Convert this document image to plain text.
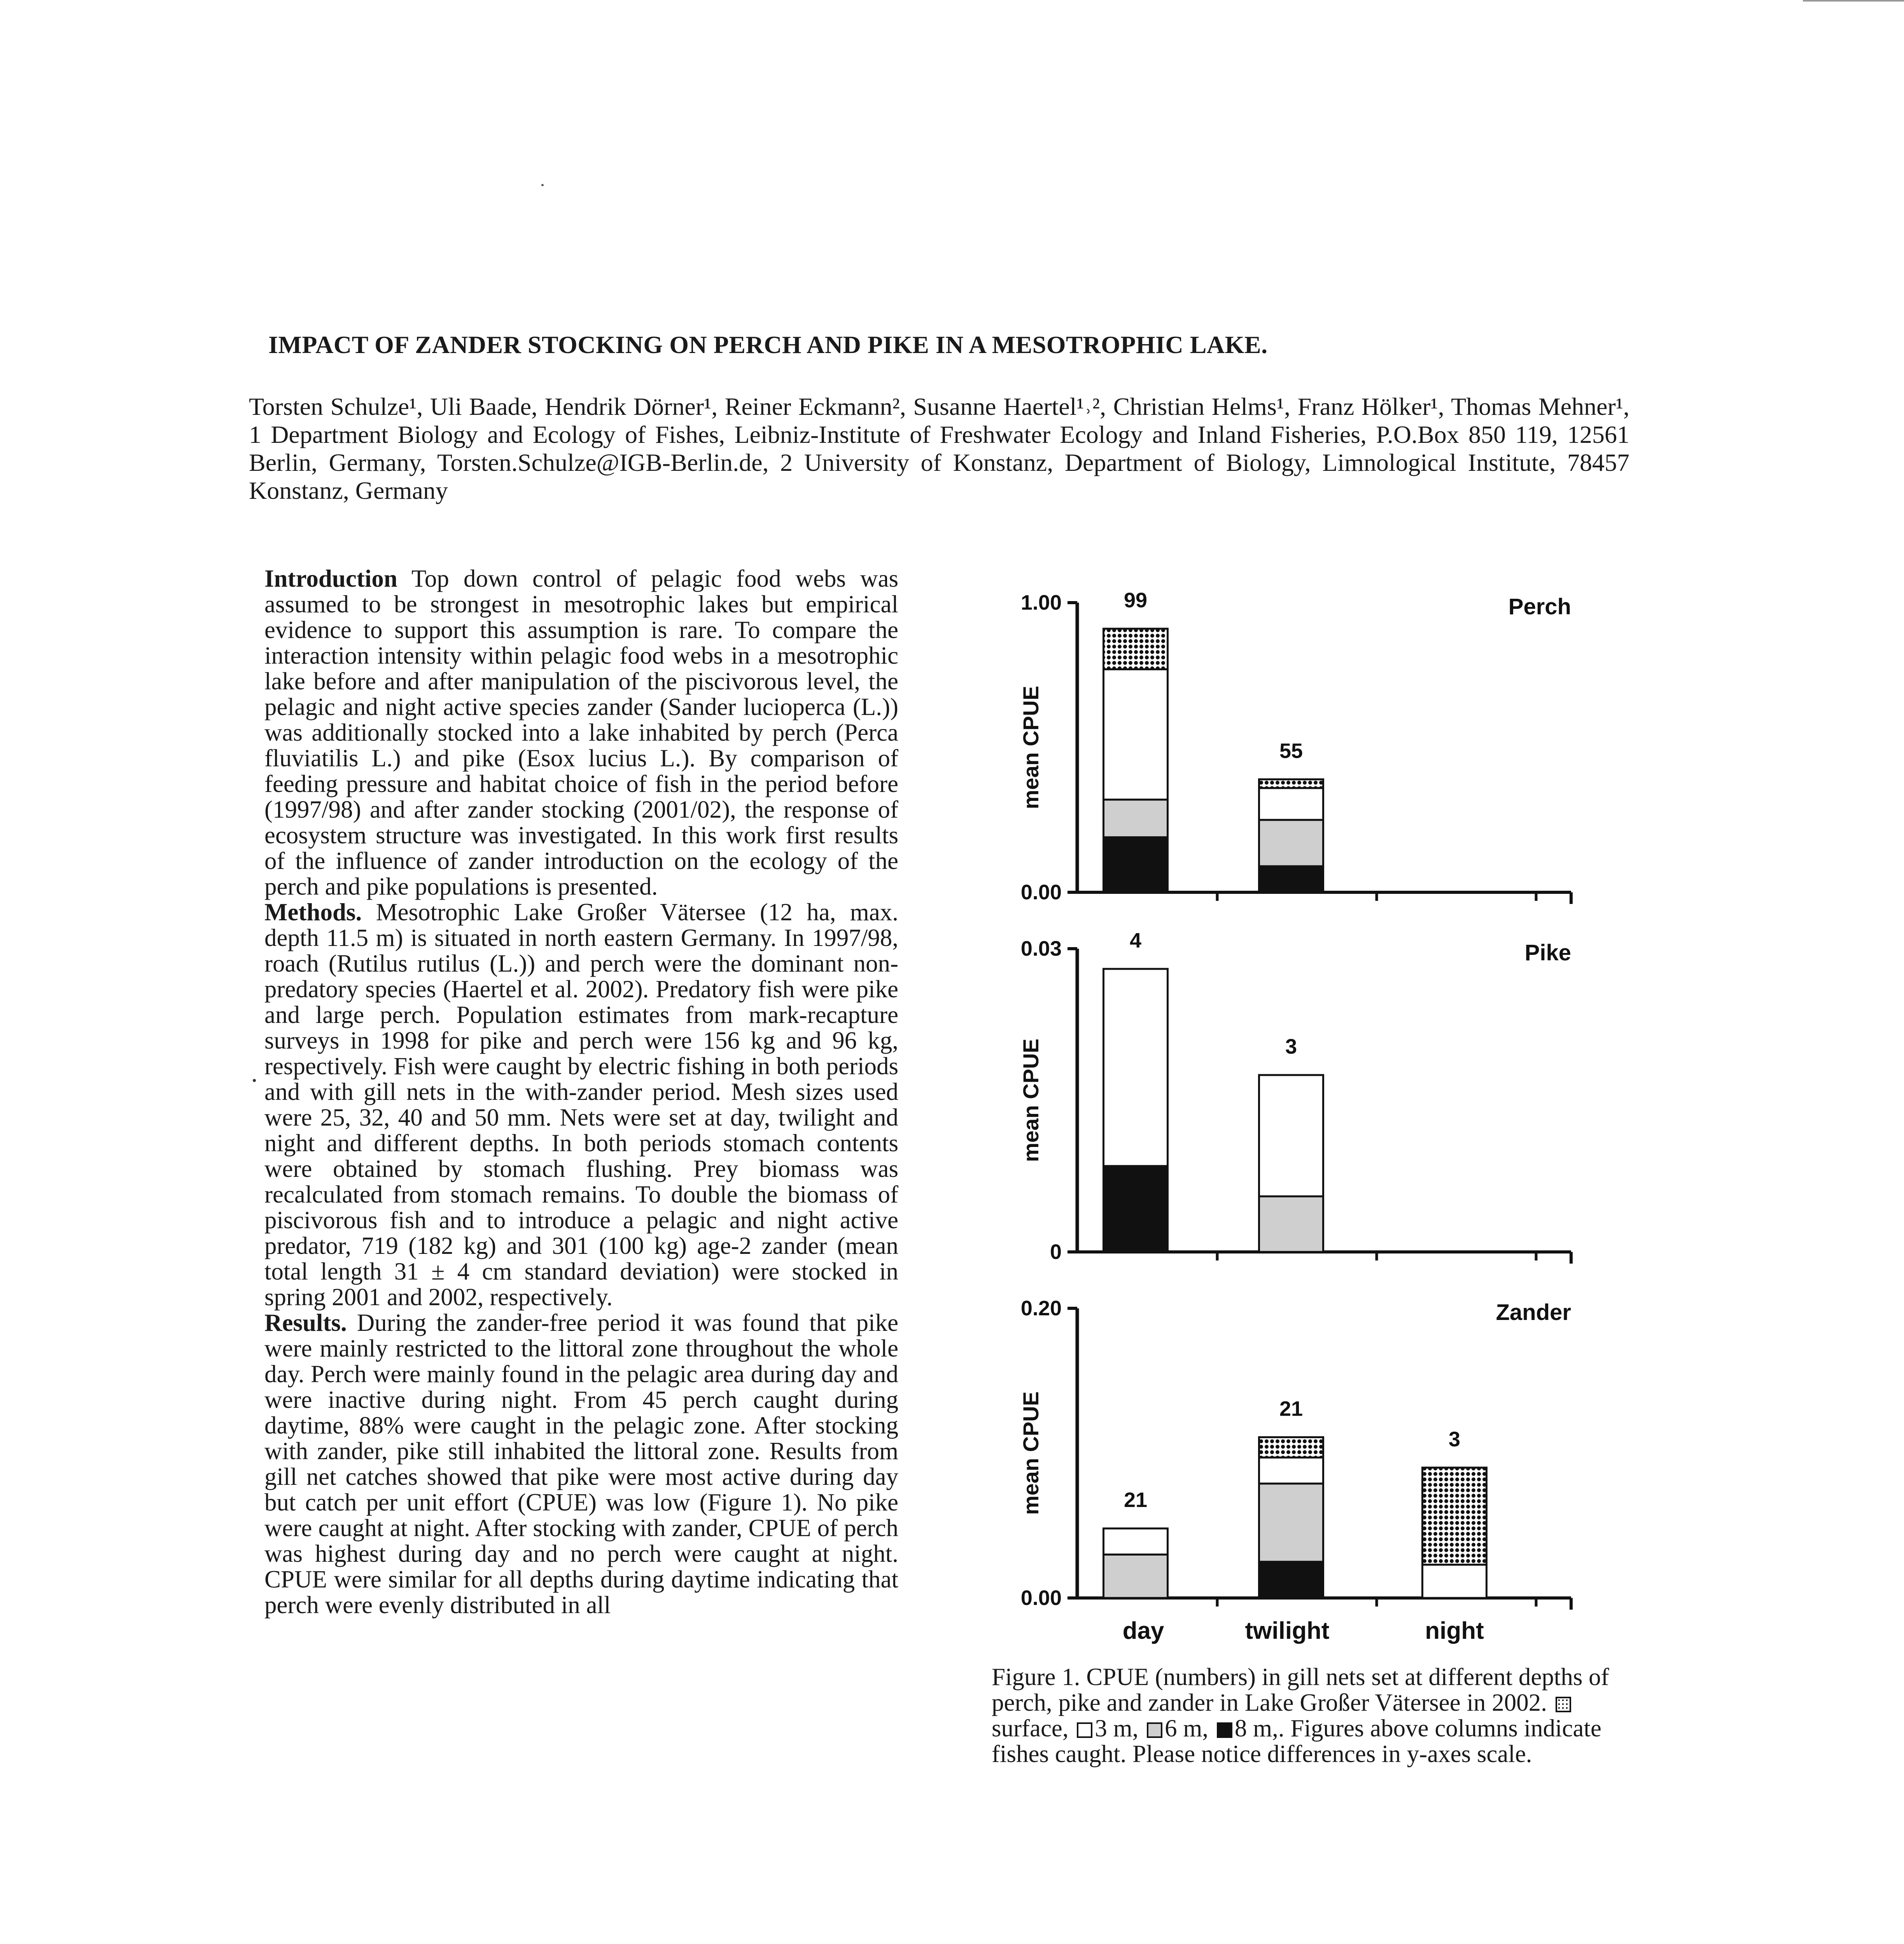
IMPACT OF ZANDER STOCKING ON PERCH AND PIKE IN A MESOTROPHIC LAKE.
Torsten Schulze¹, Uli Baade, Hendrik Dörner¹, Reiner Eckmann², Susanne Haertel¹˒², Christian Helms¹, Franz Hölker¹, Thomas Mehner¹, 1 Department Biology and Ecology of Fishes, Leibniz-Institute of Freshwater Ecology and Inland Fisheries, P.O.Box 850 119, 12561 Berlin, Germany, Torsten.Schulze@IGB-Berlin.de, 2 University of Konstanz, Department of Biology, Limnological Institute, 78457 Konstanz, Germany

Introduction Top down control of pelagic food webs was assumed to be strongest in mesotrophic lakes but empirical evidence to support this assumption is rare. To compare the interaction intensity within pelagic food webs in a mesotrophic lake before and after manipulation of the piscivorous level, the pelagic and night active species zander (Sander lucioperca (L.)) was additionally stocked into a lake inhabited by perch (Perca fluviatilis L.) and pike (Esox lucius L.). By comparison of feeding pressure and habitat choice of fish in the period before (1997/98) and after zander stocking (2001/02), the response of ecosystem structure was investigated. In this work first results of the influence of zander introduction on the ecology of the perch and pike populations is presented.

Methods. Mesotrophic Lake Großer Vätersee (12 ha, max. depth 11.5 m) is situated in north eastern Germany. In 1997/98, roach (Rutilus rutilus (L.)) and perch were the dominant non-predatory species (Haertel et al. 2002). Predatory fish were pike and large perch. Population estimates from mark-recapture surveys in 1998 for pike and perch were 156 kg and 96 kg, respectively. Fish were caught by electric fishing in both periods and with gill nets in the with-zander period. Mesh sizes used were 25, 32, 40 and 50 mm. Nets were set at day, twilight and night and different depths. In both periods stomach contents were obtained by stomach flushing. Prey biomass was recalculated from stomach remains. To double the biomass of piscivorous fish and to introduce a pelagic and night active predator, 719 (182 kg) and 301 (100 kg) age-2 zander (mean total length 31 ± 4 cm standard deviation) were stocked in spring 2001 and 2002, respectively.

Results. During the zander-free period it was found that pike were mainly restricted to the littoral zone throughout the whole day. Perch were mainly found in the pelagic area during day and were inactive during night. From 45 perch caught during daytime, 88% were caught in the pelagic zone. After stocking with zander, pike still inhabited the littoral zone. Results from gill net catches showed that pike were most active during day but catch per unit effort (CPUE) was low (Figure 1). No pike were caught at night. After stocking with zander, CPUE of perch was highest during day and no perch were caught at night. CPUE were similar for all depths during daytime indicating that perch were evenly distributed in all

1.00
0.00
mean CPUE
Perch
99
55
0.03
0
mean CPUE
Pike
4
3
0.20
0.00
mean CPUE
Zander
21
21
3
day	twilight	night
Figure 1. CPUE (numbers) in gill nets set at different depths of perch, pike and zander in Lake Großer Vätersee in 2002. surface, 3 m, 6 m, 8 m,. Figures above columns indicate fishes caught. Please notice differences in y-axes scale.
